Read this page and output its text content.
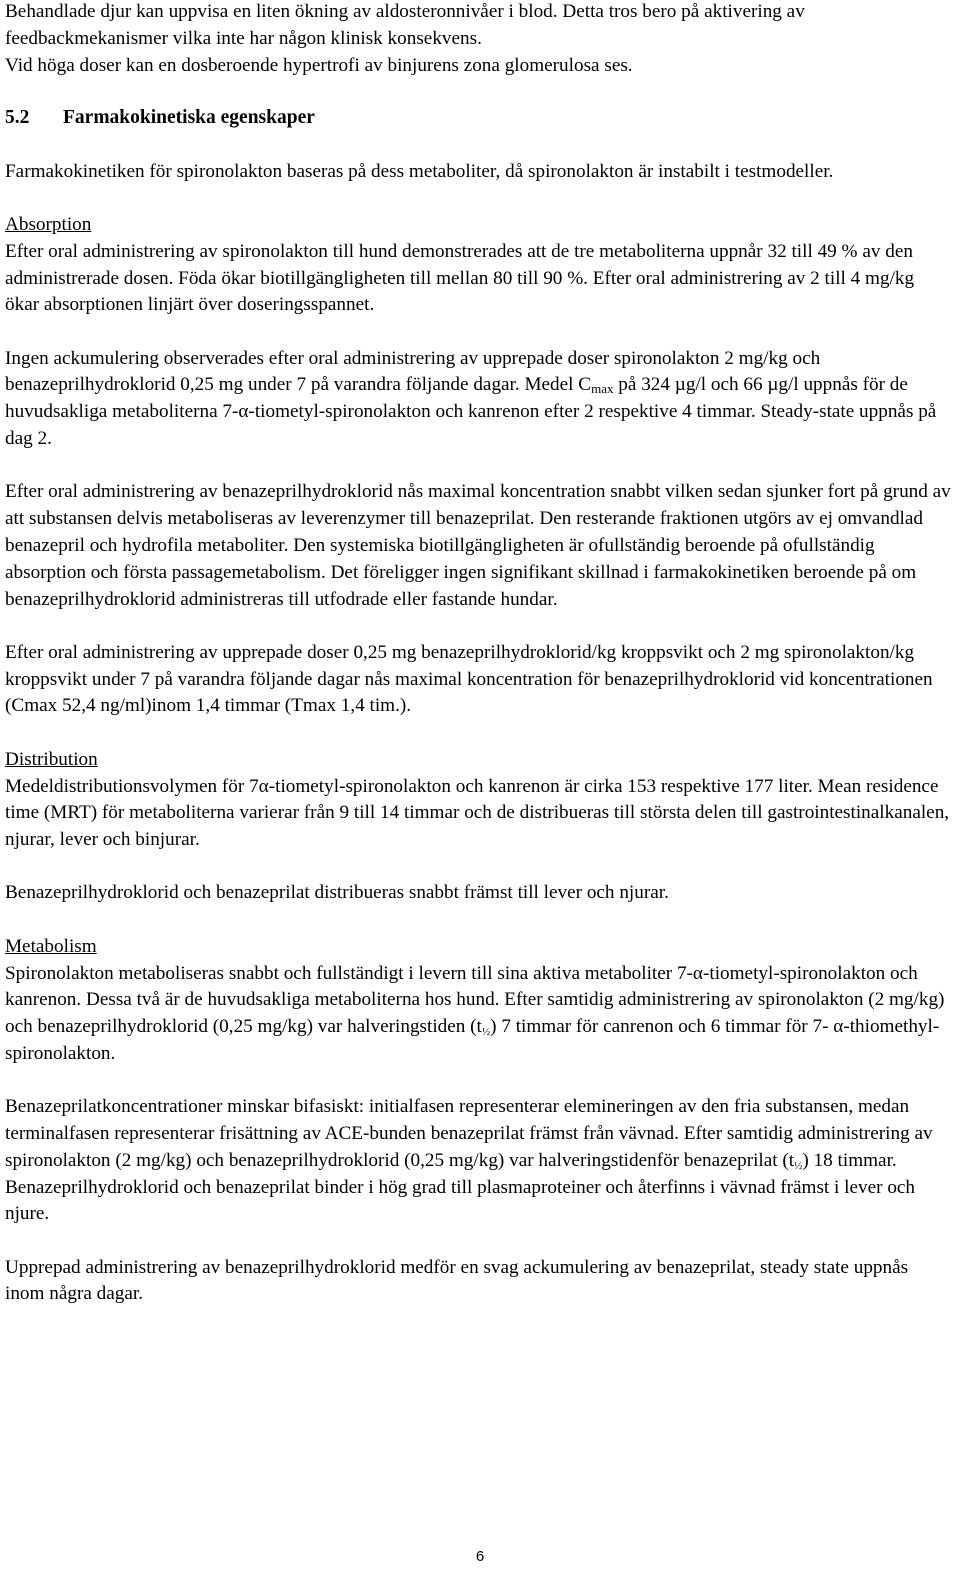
Behandlade djur kan uppvisa en liten ökning av aldosteronnivåer i blod. Detta tros bero på aktivering av feedbackmekanismer vilka inte har någon klinisk konsekvens.
Vid höga doser kan en dosberoende hypertrofi av binjurens zona glomerulosa ses.

5.2 Farmakokinetiska egenskaper

Farmakokinetiken för spironolakton baseras på dess metaboliter, då spironolakton är instabilt i testmodeller.

Absorption

Efter oral administrering av spironolakton till hund demonstrerades att de tre metaboliterna uppnår 32 till 49 % av den administrerade dosen. Föda ökar biotillgängligheten till mellan 80 till 90 %. Efter oral administrering av 2 till 4 mg/kg ökar absorptionen linjärt över doseringsspannet.

Ingen ackumulering observerades efter oral administrering av upprepade doser spironolakton 2 mg/kg och benazeprilhydroklorid 0,25 mg under 7 på varandra följande dagar. Medel $C_{max}$ på 324 µg/l och 66 µg/l uppnås för de huvudsakliga metaboliterna 7-α-tiometyl-spironolakton och kanrenon efter 2 respektive 4 timmar. Steady-state uppnås på dag 2.

Efter oral administrering av benazeprilhydroklorid nås maximal koncentration snabbt vilken sedan sjunker fort på grund av att substansen delvis metaboliseras av leverenzymer till benazeprilat. Den resterande fraktionen utgörs av ej omvandlad benazepril och hydrofila metaboliter. Den systemiska biotillgängligheten är ofullständig beroende på ofullständig absorption och första passagemetabolism. Det föreligger ingen signifikant skillnad i farmakokinetiken beroende på om benazeprilhydroklorid administreras till utfodrade eller fastande hundar.

Efter oral administrering av upprepade doser 0,25 mg benazeprilhydroklorid/kg kroppsvikt och 2 mg spironolakton/kg kroppsvikt under 7 på varandra följande dagar nås maximal koncentration för benazeprilhydroklorid vid koncentrationen (Cmax 52,4 ng/ml)inom 1,4 timmar (Tmax 1,4 tim.).

Distribution

Medeldistributionsvolymen för 7α-tiometyl-spironolakton och kanrenon är cirka 153 respektive 177 liter. Mean residence time (MRT) för metaboliterna varierar från 9 till 14 timmar och de distribueras till största delen till gastrointestinalkanalen, njurar, lever och binjurar.

Benazeprilhydroklorid och benazeprilat distribueras snabbt främst till lever och njurar.

Metabolism

Spironolakton metaboliseras snabbt och fullständigt i levern till sina aktiva metaboliter 7-α-tiometyl-spironolakton och kanrenon. Dessa två är de huvudsakliga metaboliterna hos hund. Efter samtidig administrering av spironolakton (2 mg/kg) och benazeprilhydroklorid (0,25 mg/kg) var halveringstiden (t½) 7 timmar för canrenon och 6 timmar för 7- α-thiomethyl-spironolakton.

Benazeprilatkoncentrationer minskar bifasiskt: initialfasen representerar elemineringen av den fria substansen, medan terminalfasen representerar frisättning av ACE-bunden benazeprilat främst från vävnad. Efter samtidig administrering av spironolakton (2 mg/kg) och benazeprilhydroklorid (0,25 mg/kg) var halveringstidenför benazeprilat (t½) 18 timmar. Benazeprilhydroklorid och benazeprilat binder i hög grad till plasmaproteiner och återfinns i vävnad främst i lever och njure.

Upprepad administrering av benazeprilhydroklorid medför en svag ackumulering av benazeprilat, steady state uppnås inom några dagar.

6
